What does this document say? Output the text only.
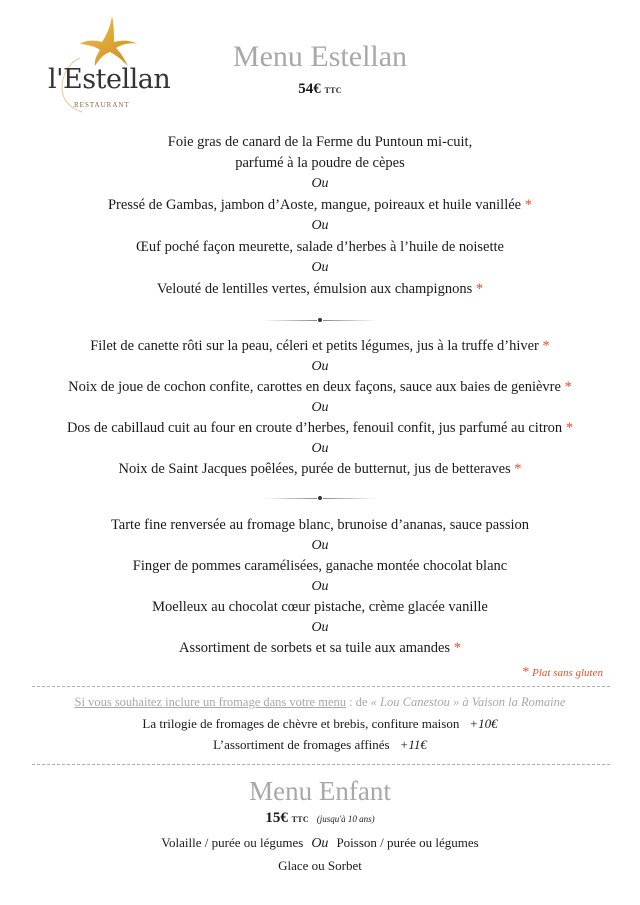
l'Estellan
RESTAURANT
Menu Estellan
54€ TTC
Foie gras de canard de la Ferme du Puntoun mi-cuit,
parfumé à la poudre de cèpes
Ou
Pressé de Gambas, jambon d’Aoste, mangue, poireaux et huile vanillée *
Ou
Œuf poché façon meurette, salade d’herbes à l’huile de noisette
Ou
Velouté de lentilles vertes, émulsion aux champignons *
Filet de canette rôti sur la peau, céleri et petits légumes, jus à la truffe d’hiver *
Ou
Noix de joue de cochon confite, carottes en deux façons, sauce aux baies de genièvre *
Ou
Dos de cabillaud cuit au four en croute d’herbes, fenouil confit, jus parfumé au citron *
Ou
Noix de Saint Jacques poêlées, purée de butternut, jus de betteraves *
Tarte fine renversée au fromage blanc, brunoise d’ananas, sauce passion
Ou
Finger de pommes caramélisées, ganache montée chocolat blanc
Ou
Moelleux au chocolat cœur pistache, crème glacée vanille
Ou
Assortiment de sorbets et sa tuile aux amandes *
* Plat sans gluten
Si vous souhaitez inclure un fromage dans votre menu : de « Lou Canestou » à Vaison la Romaine
La trilogie de fromages de chèvre et brebis, confiture maison +10€
L’assortiment de fromages affinés +11€
Menu Enfant
15€ TTC (jusqu'à 10 ans)
Volaille / purée ou légumes Ou Poisson / purée ou légumes
Glace ou Sorbet
